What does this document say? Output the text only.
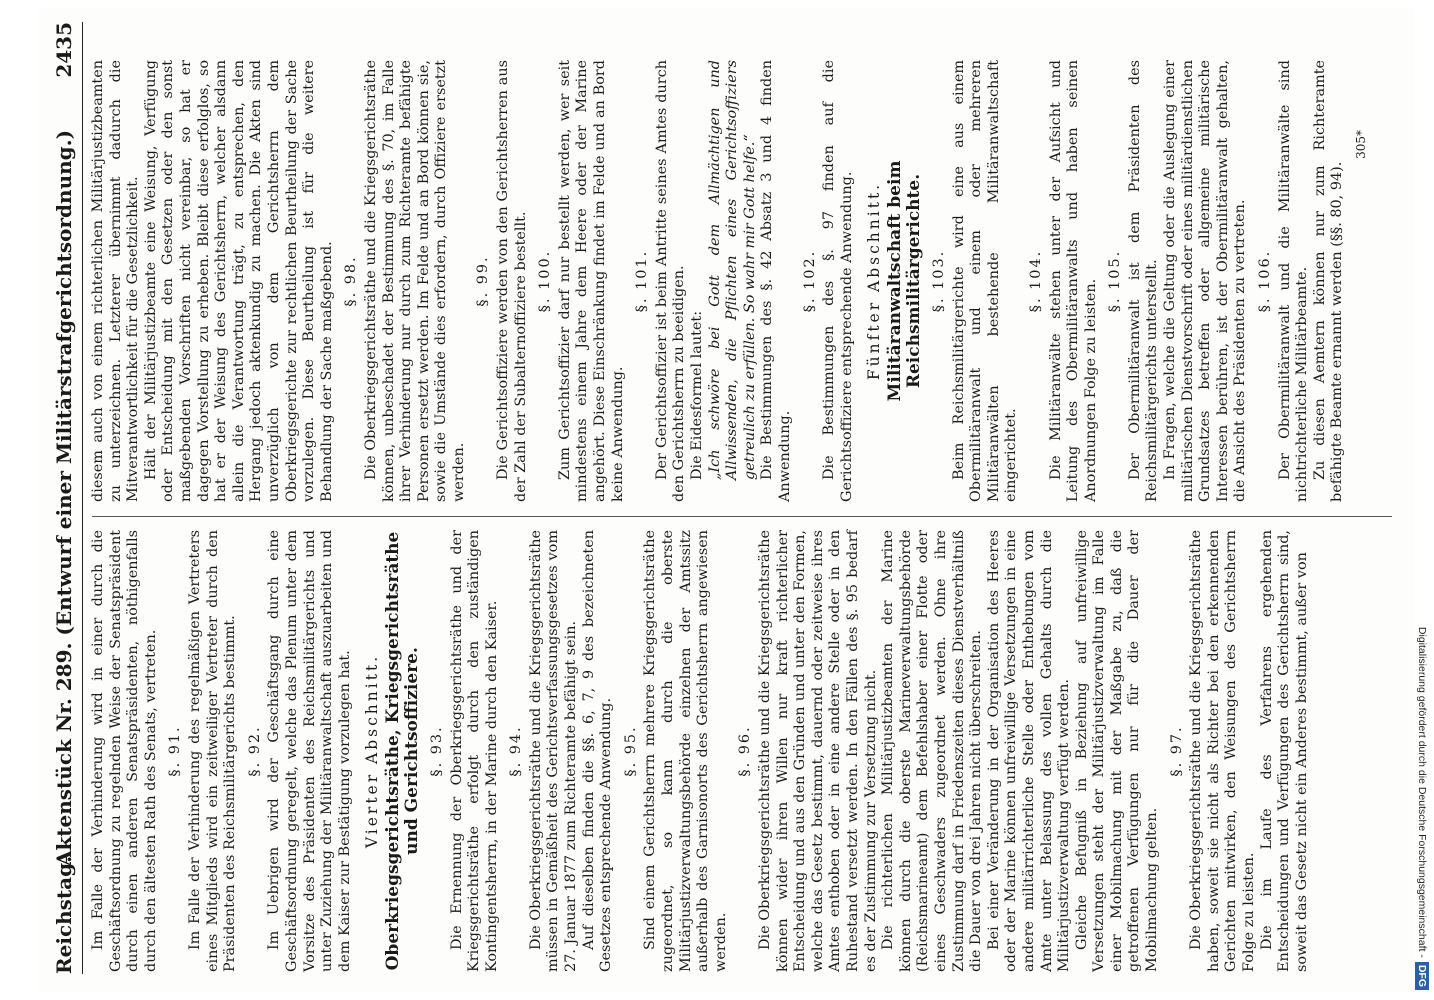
Reichstag.
Aktenstück Nr. 289. (Entwurf einer Militärstrafgerichtsordnung.)
2435

Im Falle der Verhinderung wird in einer durch die Geschäftsordnung zu regelnden Weise der Senatspräsident durch einen anderen Senatspräsidenten, nöthigenfalls durch den ältesten Rath des Senats, vertreten. §. 91. Im Falle der Verhinderung des regelmäßigen Vertreters eines Mitglieds wird ein zeitweiliger Vertreter durch den Präsidenten des Reichsmilitärgerichts bestimmt. §. 92. Im Uebrigen wird der Geschäftsgang durch eine Geschäftsordnung geregelt, welche das Plenum unter dem Vorsitze des Präsidenten des Reichsmilitärgerichts und unter Zuziehung der Militäranwaltschaft auszuarbeiten und dem Kaiser zur Bestätigung vorzulegen hat. Vierter Abschnitt. Oberkriegsgerichtsräthe, Kriegsgerichtsräthe und Gerichtsoffiziere. §. 93. Die Ernennung der Oberkriegsgerichtsräthe und der Kriegsgerichtsräthe erfolgt durch den zuständigen Kontingentsherrn, in der Marine durch den Kaiser. §. 94. Die Oberkriegsgerichtsräthe und die Kriegsgerichtsräthe müssen in Gemäßheit des Gerichtsverfassungsgesetzes vom 27. Januar 1877 zum Richteramte befähigt sein. Auf dieselben finden die §§. 6, 7, 9 des bezeichneten Gesetzes entsprechende Anwendung. §. 95. Sind einem Gerichtsherrn mehrere Kriegsgerichtsräthe zugeordnet, so kann durch die oberste Militärjustizverwaltungsbehörde einzelnen der Amtssitz außerhalb des Garnisonorts des Gerichtsherrn angewiesen werden.

§. 96. Die Oberkriegsgerichtsräthe und die Kriegsgerichtsräthe können wider ihren Willen nur kraft richterlicher Entscheidung und aus den Gründen und unter den Formen, welche das Gesetz bestimmt, dauernd oder zeitweise ihres Amtes enthoben oder in eine andere Stelle oder in den Ruhestand versetzt werden. In den Fällen des §. 95 bedarf es der Zustimmung zur Versetzung nicht. Die richterlichen Militärjustizbeamten der Marine können durch die oberste Marineverwaltungsbehörde (Reichsmarineamt) dem Befehlshaber einer Flotte oder eines Geschwaders zugeordnet werden. Ohne ihre Zustimmung darf in Friedenszeiten dieses Dienstverhältniß die Dauer von drei Jahren nicht überschreiten. Bei einer Veränderung in der Organisation des Heeres oder der Marine können unfreiwillige Versetzungen in eine andere militärrichterliche Stelle oder Enthebungen vom Amte unter Belassung des vollen Gehalts durch die Militärjustizverwaltung verfügt werden. Gleiche Befugniß in Beziehung auf unfreiwillige Versetzungen steht der Militärjustizverwaltung im Falle einer Mobilmachung mit der Maßgabe zu, daß die getroffenen Verfügungen nur für die Dauer der Mobilmachung gelten.

§. 97. Die Oberkriegsgerichtsräthe und die Kriegsgerichtsräthe haben, soweit sie nicht als Richter bei den erkennenden Gerichten mitwirken, den Weisungen des Gerichtsherrn Folge zu leisten. Die im Laufe des Verfahrens ergehenden Entscheidungen und Verfügungen des Gerichtsherrn sind, soweit das Gesetz nicht ein Anderes bestimmt, außer von

diesem auch von einem richterlichen Militärjustizbeamten zu unterzeichnen. Letzterer übernimmt dadurch die Mitverantwortlichkeit für die Gesetzlichkeit. Hält der Militärjustizbeamte eine Weisung, Verfügung oder Entscheidung mit den Gesetzen oder den sonst maßgebenden Vorschriften nicht vereinbar, so hat er dagegen Vorstellung zu erheben. Bleibt diese erfolglos, so hat er der Weisung des Gerichtsherrn, welcher alsdann allein die Verantwortung trägt, zu entsprechen, den Hergang jedoch aktenkundig zu machen. Die Akten sind unverzüglich von dem Gerichtsherrn dem Oberkriegsgerichte zur rechtlichen Beurtheilung der Sache vorzulegen. Diese Beurtheilung ist für die weitere Behandlung der Sache maßgebend. §. 98. Die Oberkriegsgerichtsräthe und die Kriegsgerichtsräthe können, unbeschadet der Bestimmung des §. 70, im Falle ihrer Verhinderung nur durch zum Richteramte befähigte Personen ersetzt werden. Im Felde und an Bord können sie, sowie die Umstände dies erfordern, durch Offiziere ersetzt werden.

§. 99. Die Gerichtsoffiziere werden von den Gerichtsherren aus der Zahl der Subalternoffiziere bestellt. §. 100. Zum Gerichtsoffizier darf nur bestellt werden, wer seit mindestens einem Jahre dem Heere oder der Marine angehört. Diese Einschränkung findet im Felde und an Bord keine Anwendung.

§. 101. Der Gerichtsoffizier ist beim Antritte seines Amtes durch den Gerichtsherrn zu beeidigen. Die Eidesformel lautet: „Ich schwöre bei Gott dem Allmächtigen und Allwissenden, die Pflichten eines Gerichtsoffiziers getreulich zu erfüllen. So wahr mir Gott helfe.“ Die Bestimmungen des §. 42 Absatz 3 und 4 finden Anwendung.

§. 102. Die Bestimmungen des §. 97 finden auf die Gerichtsoffiziere entsprechende Anwendung. Fünfter Abschnitt. Militäranwaltschaft beim Reichsmilitärgerichte. §. 103. Beim Reichsmilitärgerichte wird eine aus einem Obermilitäranwalt und einem oder mehreren Militäranwälten bestehende Militäranwaltschaft eingerichtet.

§. 104. Die Militäranwälte stehen unter der Aufsicht und Leitung des Obermilitäranwalts und haben seinen Anordnungen Folge zu leisten. §. 105. Der Obermilitäranwalt ist dem Präsidenten des Reichsmilitärgerichts unterstellt. In Fragen, welche die Geltung oder die Auslegung einer militärischen Dienstvorschrift oder eines militärdienstlichen Grundsatzes betreffen oder allgemeine militärische Interessen berühren, ist der Obermilitäranwalt gehalten, die Ansicht des Präsidenten zu vertreten. §. 106. Der Obermilitäranwalt und die Militäranwälte sind nichtrichterliche Militärbeamte. Zu diesen Aemtern können nur zum Richteramte befähigte Beamte ernannt werden (§§. 80, 94).

305*
Digitalisierung gefördert durch die Deutsche Forschungsgemeinschaft -DFG
